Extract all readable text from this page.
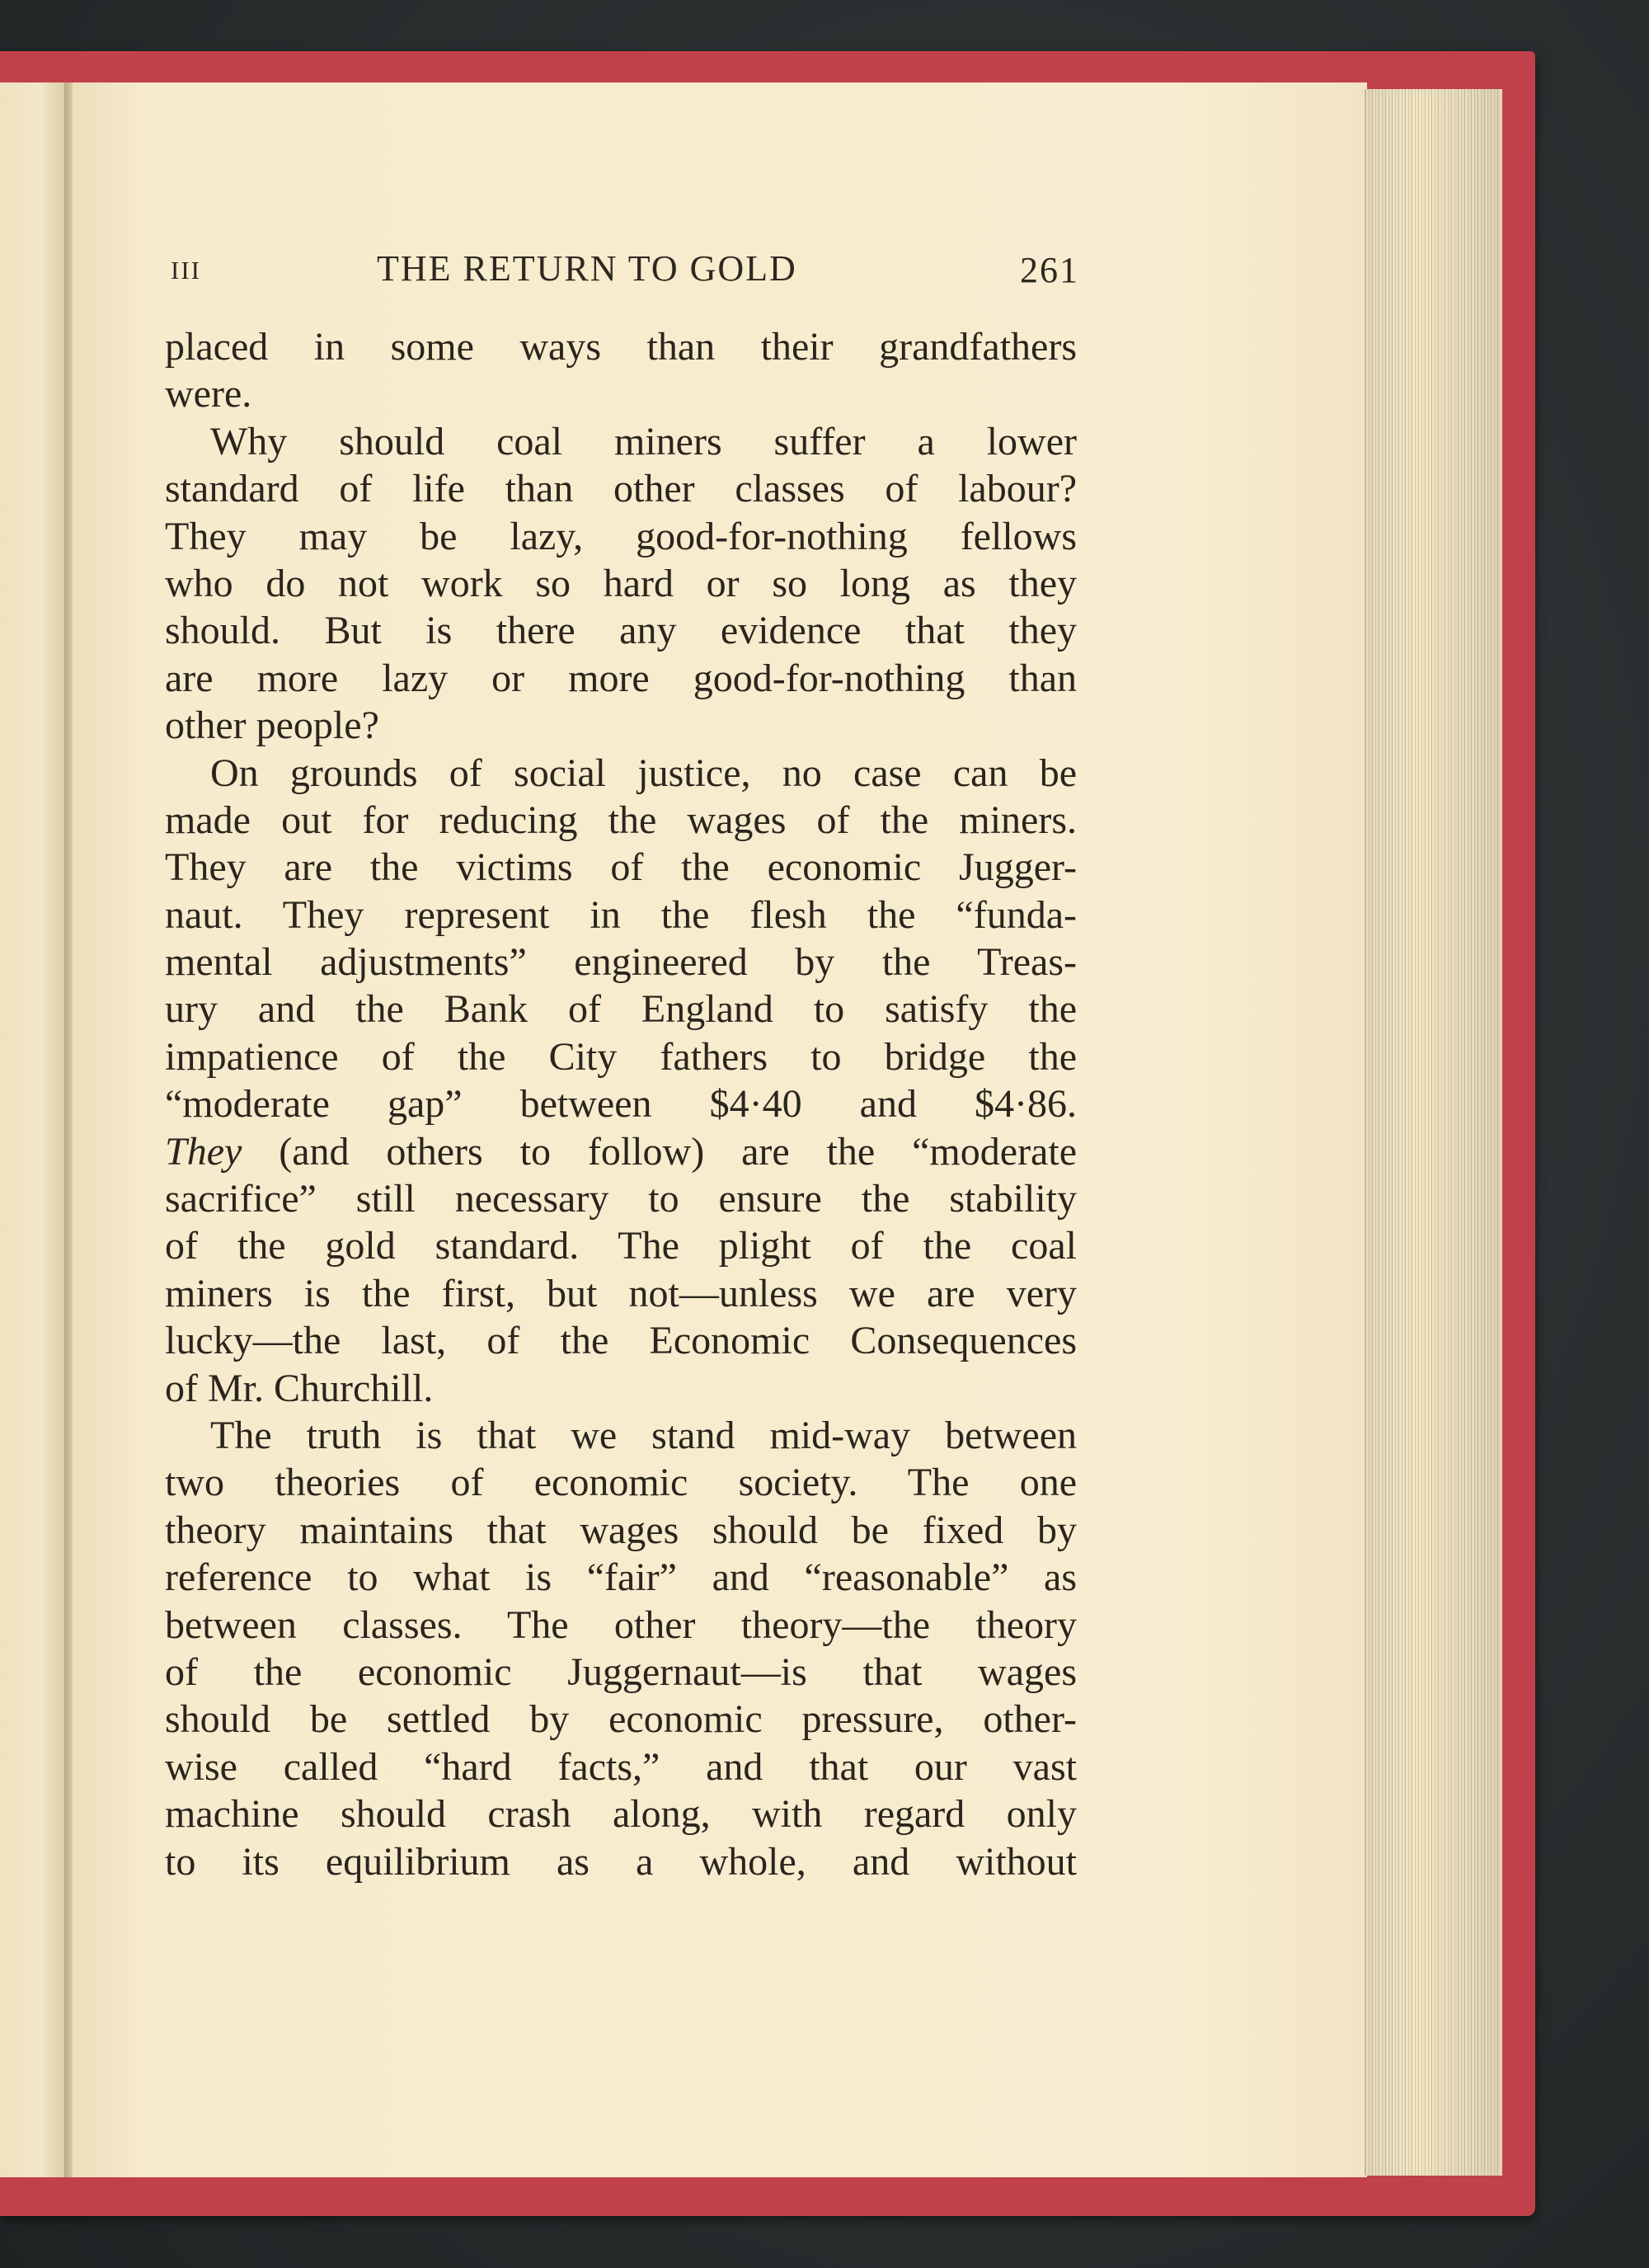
III	THE RETURN TO GOLD	261
placed in some ways than their grandfathers
were.
Why should coal miners suffer a lower
standard of life than other classes of labour?
They may be lazy, good-for-nothing fellows
who do not work so hard or so long as they
should. But is there any evidence that they
are more lazy or more good-for-nothing than
other people?
On grounds of social justice, no case can be
made out for reducing the wages of the miners.
They are the victims of the economic Jugger-
naut. They represent in the flesh the “funda-
mental adjustments” engineered by the Treas-
ury and the Bank of England to satisfy the
impatience of the City fathers to bridge the
“moderate gap” between $4·40 and $4·86.
They (and others to follow) are the “moderate
sacrifice” still necessary to ensure the stability
of the gold standard. The plight of the coal
miners is the first, but not—unless we are very
lucky—the last, of the Economic Consequences
of Mr. Churchill.
The truth is that we stand mid-way between
two theories of economic society. The one
theory maintains that wages should be fixed by
reference to what is “fair” and “reasonable” as
between classes. The other theory—the theory
of the economic Juggernaut—is that wages
should be settled by economic pressure, other-
wise called “hard facts,” and that our vast
machine should crash along, with regard only
to its equilibrium as a whole, and without
